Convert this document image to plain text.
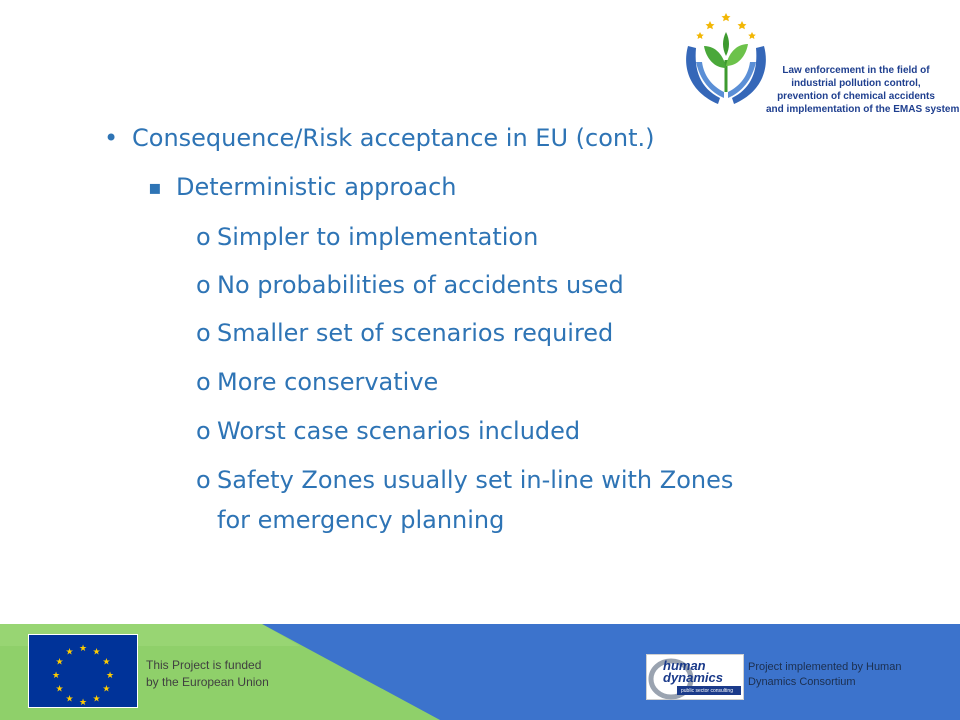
Law enforcement in the field of
industrial pollution control,
prevention of chemical accidents
and implementation of the EMAS system
• Consequence/Risk acceptance in EU (cont.)
▪ Deterministic approach
o Simpler to implementation
o No probabilities of accidents used
o Smaller set of scenarios required
o More conservative
o Worst case scenarios included
o Safety Zones usually set in-line with Zones
for emergency planning
★ ★
★
★
★
★
★
★
★
★
★
★
This Project is funded
by the European Union
human
dynamics
public sector consulting
Project implemented by Human
Dynamics Consortium
